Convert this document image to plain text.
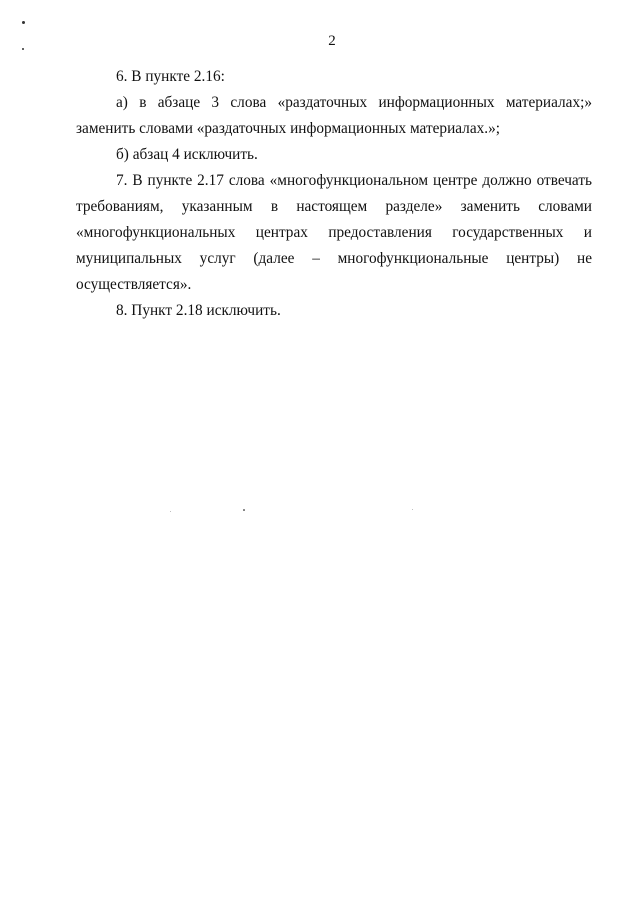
2

6. В пункте 2.16:

а) в абзаце 3 слова «раздаточных информационных материалах;» заменить словами «раздаточных информационных материалах.»;

б) абзац 4 исключить.

7. В пункте 2.17 слова «многофункциональном центре должно отвечать требованиям, указанным в настоящем разделе» заменить словами «многофункциональных центрах предоставления государственных и муниципальных услуг (далее – многофункциональные центры) не осуществляется».

8. Пункт 2.18 исключить.
